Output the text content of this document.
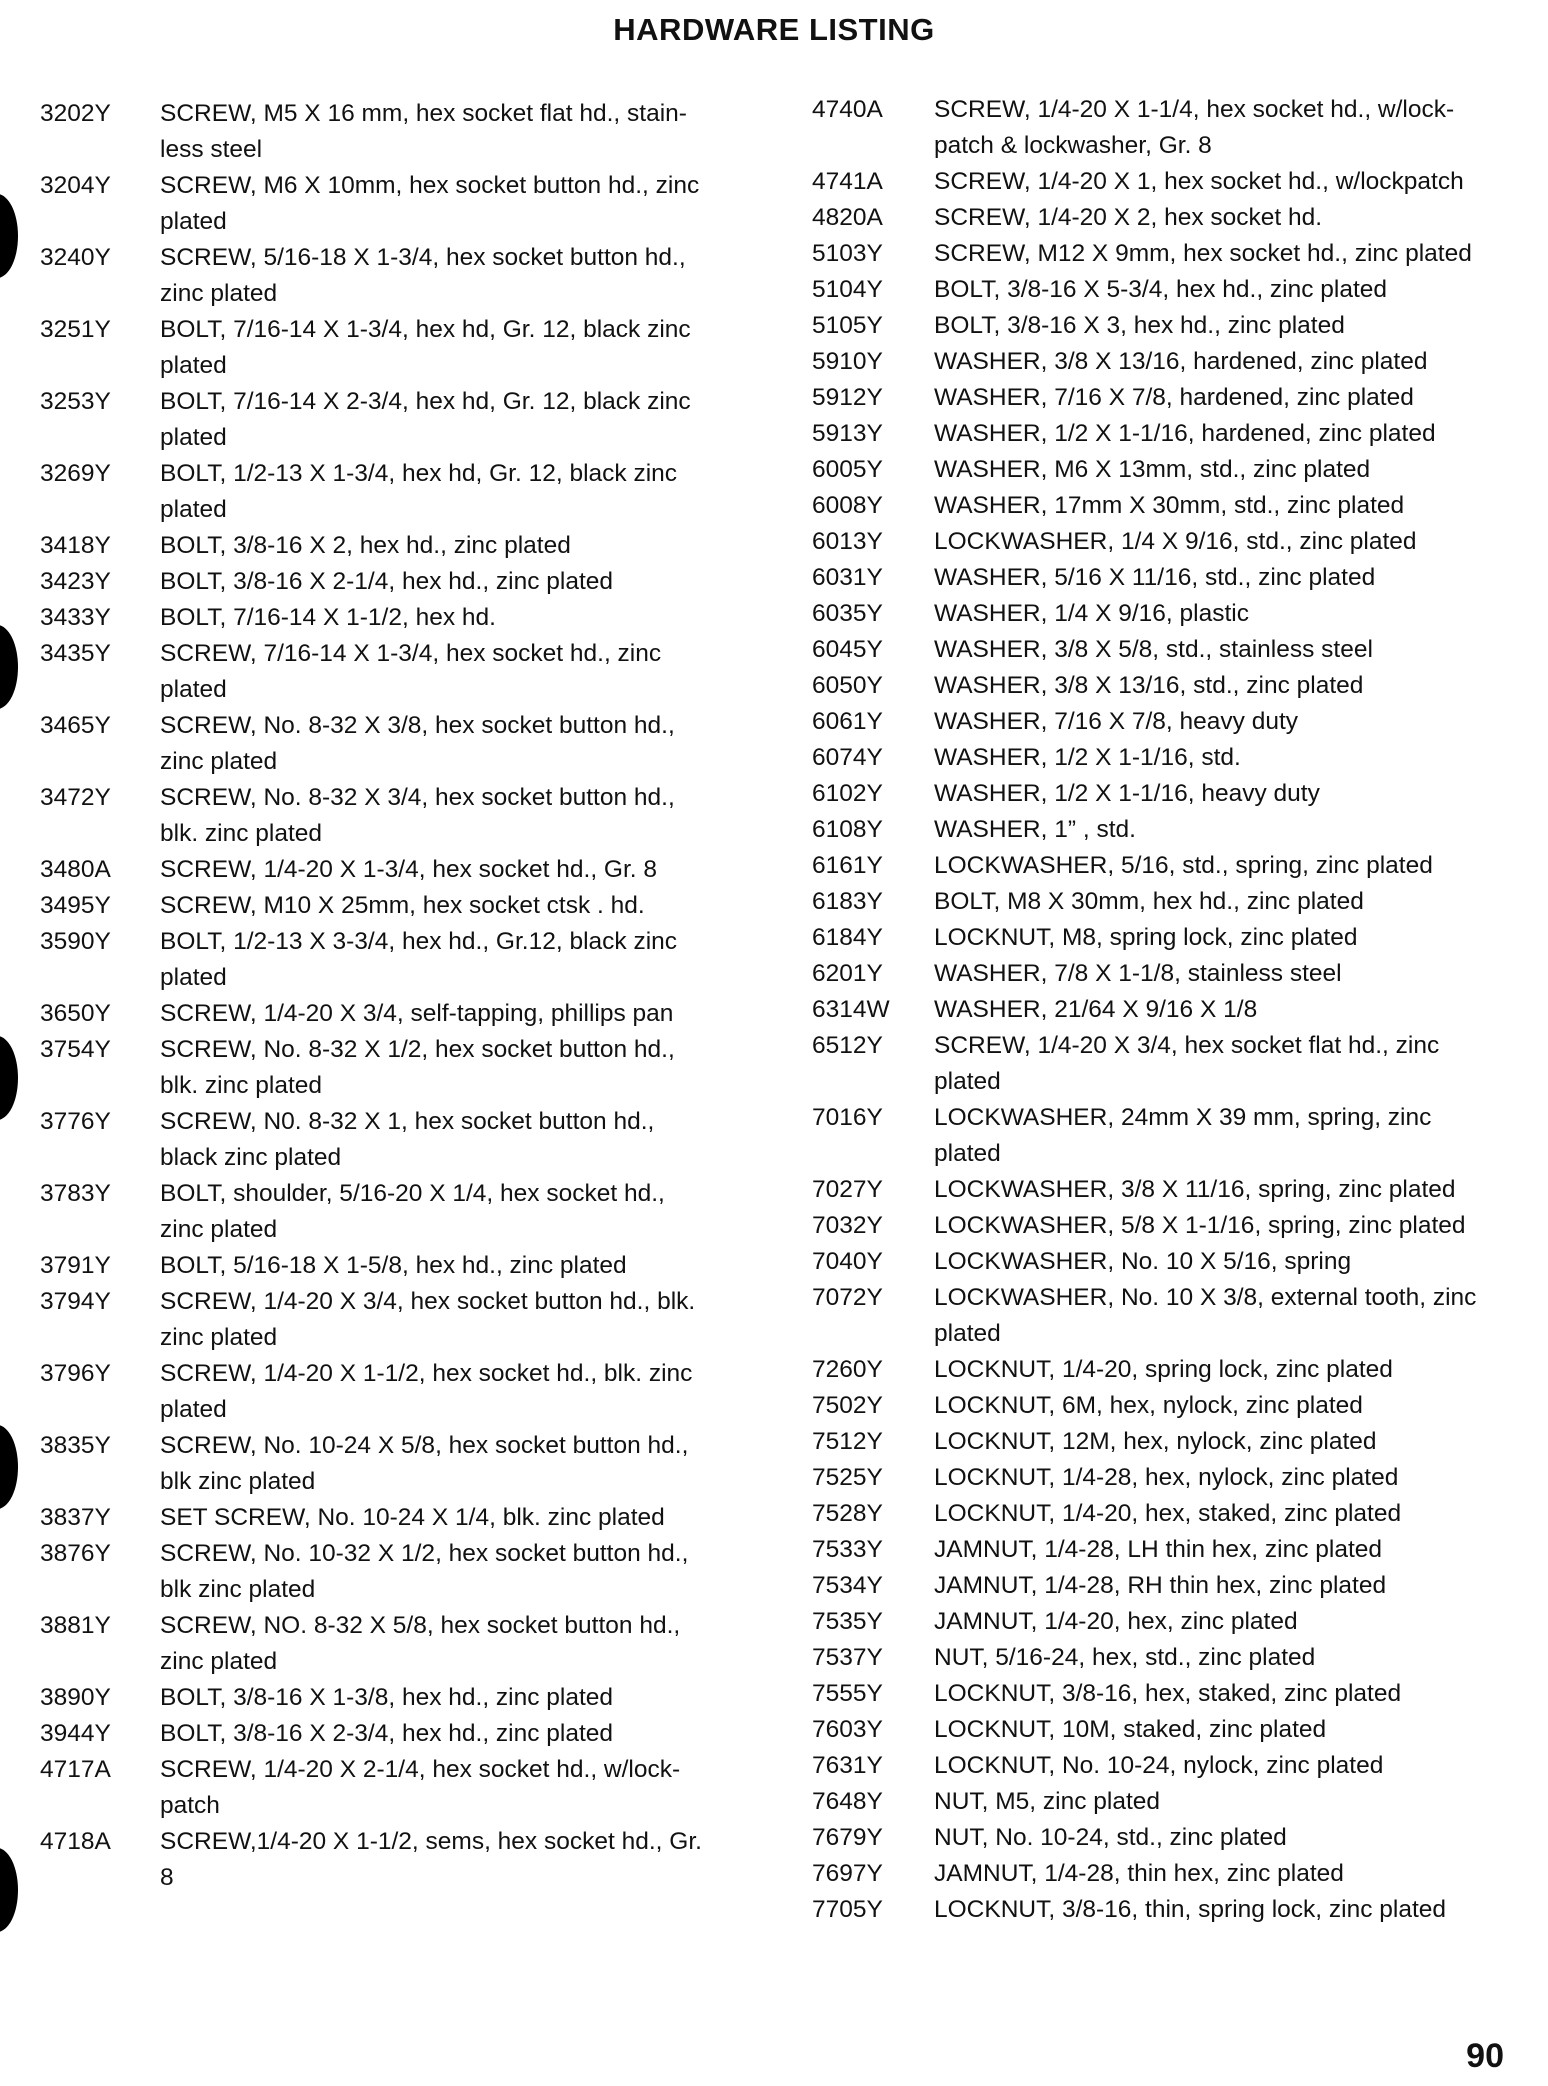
HARDWARE LISTING
3202Y	SCREW, M5 X 16 mm, hex socket flat hd., stain-
less steel
3204Y	SCREW, M6 X 10mm, hex socket button hd., zinc
plated
3240Y	SCREW, 5/16-18 X 1-3/4, hex socket button hd.,
zinc plated
3251Y	BOLT, 7/16-14 X 1-3/4, hex hd, Gr. 12, black zinc
plated
3253Y	BOLT, 7/16-14 X 2-3/4, hex hd, Gr. 12, black zinc
plated
3269Y	BOLT, 1/2-13 X 1-3/4, hex hd, Gr. 12, black zinc
plated
3418Y	BOLT, 3/8-16 X 2, hex hd., zinc plated
3423Y	BOLT, 3/8-16 X 2-1/4, hex hd., zinc plated
3433Y	BOLT, 7/16-14 X 1-1/2, hex hd.
3435Y	SCREW, 7/16-14 X 1-3/4, hex socket hd., zinc
plated
3465Y	SCREW, No. 8-32 X 3/8, hex socket button hd.,
zinc plated
3472Y	SCREW, No. 8-32 X 3/4, hex socket button hd.,
blk. zinc plated
3480A	SCREW, 1/4-20 X 1-3/4, hex socket hd., Gr. 8
3495Y	SCREW, M10 X 25mm, hex socket ctsk . hd.
3590Y	BOLT, 1/2-13 X 3-3/4, hex hd., Gr.12, black zinc
plated
3650Y	SCREW, 1/4-20 X 3/4, self-tapping, phillips pan
3754Y	SCREW, No. 8-32 X 1/2, hex socket button hd.,
blk. zinc plated
3776Y	SCREW, N0. 8-32 X 1, hex socket button hd.,
black zinc plated
3783Y	BOLT, shoulder, 5/16-20 X 1/4, hex socket hd.,
zinc plated
3791Y	BOLT, 5/16-18 X 1-5/8, hex hd., zinc plated
3794Y	SCREW, 1/4-20 X 3/4, hex socket button hd., blk.
zinc plated
3796Y	SCREW, 1/4-20 X 1-1/2, hex socket hd., blk. zinc
plated
3835Y	SCREW, No. 10-24 X 5/8, hex socket button hd.,
blk zinc plated
3837Y	SET SCREW, No. 10-24 X 1/4, blk. zinc plated
3876Y	SCREW, No. 10-32 X 1/2, hex socket button hd.,
blk zinc plated
3881Y	SCREW, NO. 8-32 X 5/8, hex socket button hd.,
zinc plated
3890Y	BOLT, 3/8-16 X 1-3/8, hex hd., zinc plated
3944Y	BOLT, 3/8-16 X 2-3/4, hex hd., zinc plated
4717A	SCREW, 1/4-20 X 2-1/4, hex socket hd., w/lock-
patch
4718A	SCREW,1/4-20 X 1-1/2, sems, hex socket hd., Gr.
8
4740A	SCREW, 1/4-20 X 1-1/4, hex socket hd., w/lock-
patch & lockwasher, Gr. 8
4741A	SCREW, 1/4-20 X 1, hex socket hd., w/lockpatch
4820A	SCREW, 1/4-20 X 2, hex socket hd.
5103Y	SCREW, M12 X 9mm, hex socket hd., zinc plated
5104Y	BOLT, 3/8-16 X 5-3/4, hex hd., zinc plated
5105Y	BOLT, 3/8-16 X 3, hex hd., zinc plated
5910Y	WASHER, 3/8 X 13/16, hardened, zinc plated
5912Y	WASHER, 7/16 X 7/8, hardened, zinc plated
5913Y	WASHER, 1/2 X 1-1/16, hardened, zinc plated
6005Y	WASHER, M6 X 13mm, std., zinc plated
6008Y	WASHER, 17mm X 30mm, std., zinc plated
6013Y	LOCKWASHER, 1/4 X 9/16, std., zinc plated
6031Y	WASHER, 5/16 X 11/16, std., zinc plated
6035Y	WASHER, 1/4 X 9/16, plastic
6045Y	WASHER, 3/8 X 5/8, std., stainless steel
6050Y	WASHER, 3/8 X 13/16, std., zinc plated
6061Y	WASHER, 7/16 X 7/8, heavy duty
6074Y	WASHER, 1/2 X 1-1/16, std.
6102Y	WASHER, 1/2 X 1-1/16, heavy duty
6108Y	WASHER, 1” , std.
6161Y	LOCKWASHER, 5/16, std., spring, zinc plated
6183Y	BOLT, M8 X 30mm, hex hd., zinc plated
6184Y	LOCKNUT, M8, spring lock, zinc plated
6201Y	WASHER, 7/8 X 1-1/8, stainless steel
6314W	WASHER, 21/64 X 9/16 X 1/8
6512Y	SCREW, 1/4-20 X 3/4, hex socket flat hd., zinc
plated
7016Y	LOCKWASHER, 24mm X 39 mm, spring, zinc
plated
7027Y	LOCKWASHER, 3/8 X 11/16, spring, zinc plated
7032Y	LOCKWASHER, 5/8 X 1-1/16, spring, zinc plated
7040Y	LOCKWASHER, No. 10 X 5/16, spring
7072Y	LOCKWASHER, No. 10 X 3/8, external tooth, zinc
plated
7260Y	LOCKNUT, 1/4-20, spring lock, zinc plated
7502Y	LOCKNUT, 6M, hex, nylock, zinc plated
7512Y	LOCKNUT, 12M, hex, nylock, zinc plated
7525Y	LOCKNUT, 1/4-28, hex, nylock, zinc plated
7528Y	LOCKNUT, 1/4-20, hex, staked, zinc plated
7533Y	JAMNUT, 1/4-28, LH thin hex, zinc plated
7534Y	JAMNUT, 1/4-28, RH thin hex, zinc plated
7535Y	JAMNUT, 1/4-20, hex, zinc plated
7537Y	NUT, 5/16-24, hex, std., zinc plated
7555Y	LOCKNUT, 3/8-16, hex, staked, zinc plated
7603Y	LOCKNUT, 10M, staked, zinc plated
7631Y	LOCKNUT, No. 10-24, nylock, zinc plated
7648Y	NUT, M5, zinc plated
7679Y	NUT, No. 10-24, std., zinc plated
7697Y	JAMNUT, 1/4-28, thin hex, zinc plated
7705Y	LOCKNUT, 3/8-16, thin, spring lock, zinc plated
90
